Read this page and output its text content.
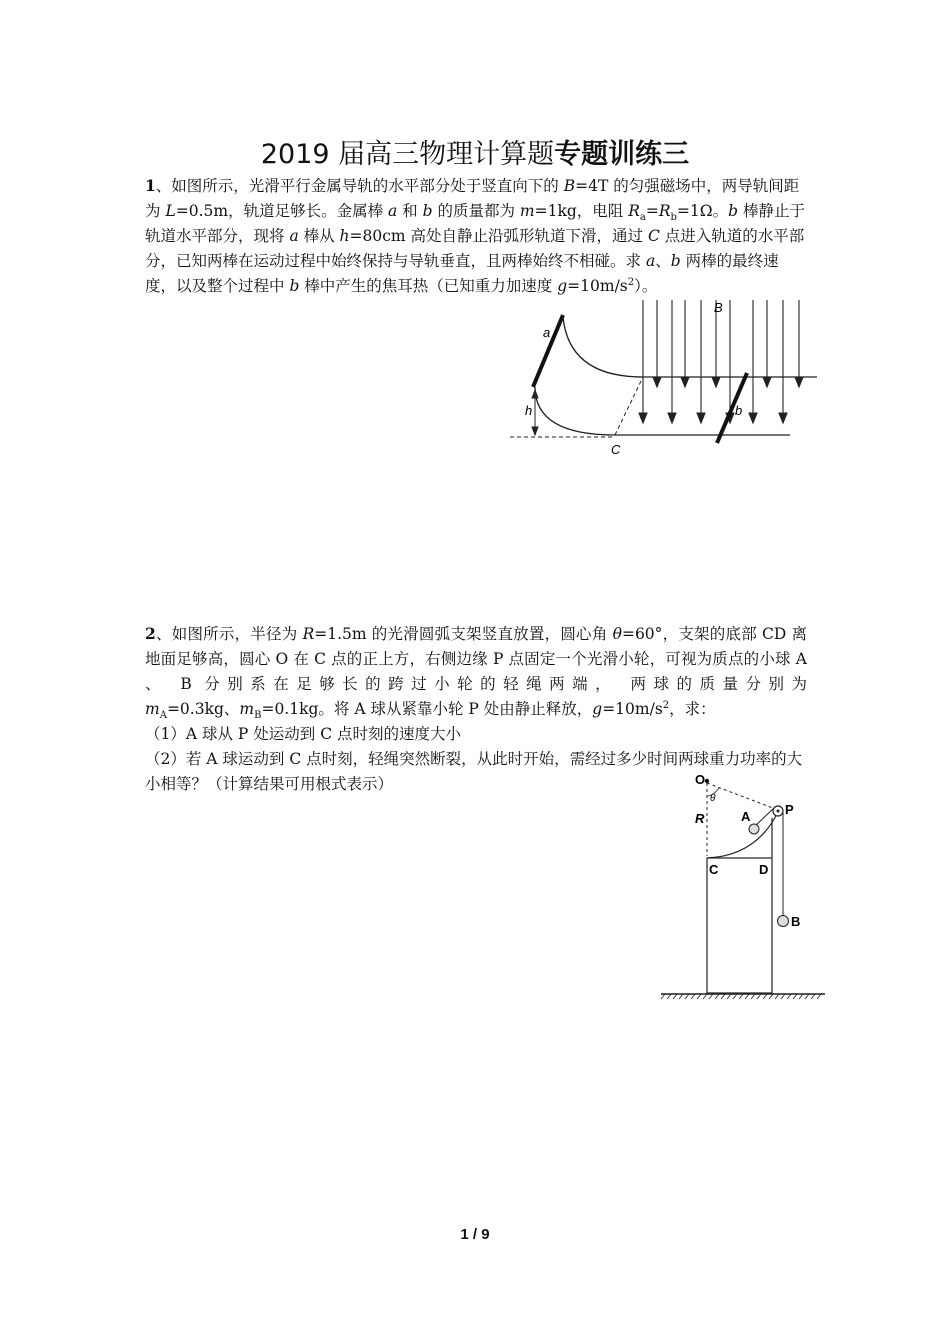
2019 届高三物理计算题专题训练三

1、如图所示，光滑平行金属导轨的水平部分处于竖直向下的 B=4T 的匀强磁场中，两导轨间距为 L=0.5m，轨道足够长。金属棒 a 和 b 的质量都为 m=1kg，电阻 $R_a=R_b=1\Omega$。b 棒静止于轨道水平部分，现将 a 棒从 h=80cm 高处自静止沿弧形轨道下滑，通过 C 点进入轨道的水平部分，已知两棒在运动过程中始终保持与导轨垂直，且两棒始终不相碰。求 a、b 两棒的最终速度，以及整个过程中 b 棒中产生的焦耳热（已知重力加速度 $g=10m/s^2$）。

a
h
C
B
b

2、如图所示，半径为 R=1.5m 的光滑圆弧支架竖直放置，圆心角 θ=60°，支架的底部 CD 离地面足够高，圆心 O 在 C 点的正上方，右侧边缘 P 点固定一个光滑小轮，可视为质点的小球 A 、 B 分别系在足够长的跨过小轮的轻绳两端， 两球的质量分别为

$m_A=0.3kg$、$m_B=0.1kg$。将 A 球从紧靠小轮 P 处由静止释放，$g=10m/s^2$，求：

（1）A 球从 P 处运动到 C 点时刻的速度大小

（2）若 A 球运动到 C 点时刻，轻绳突然断裂，从此时开始，需经过多少时间两球重力功率的大小相等？（计算结果可用根式表示）	O
θ
R	A	P
C	D
B
1 / 9
